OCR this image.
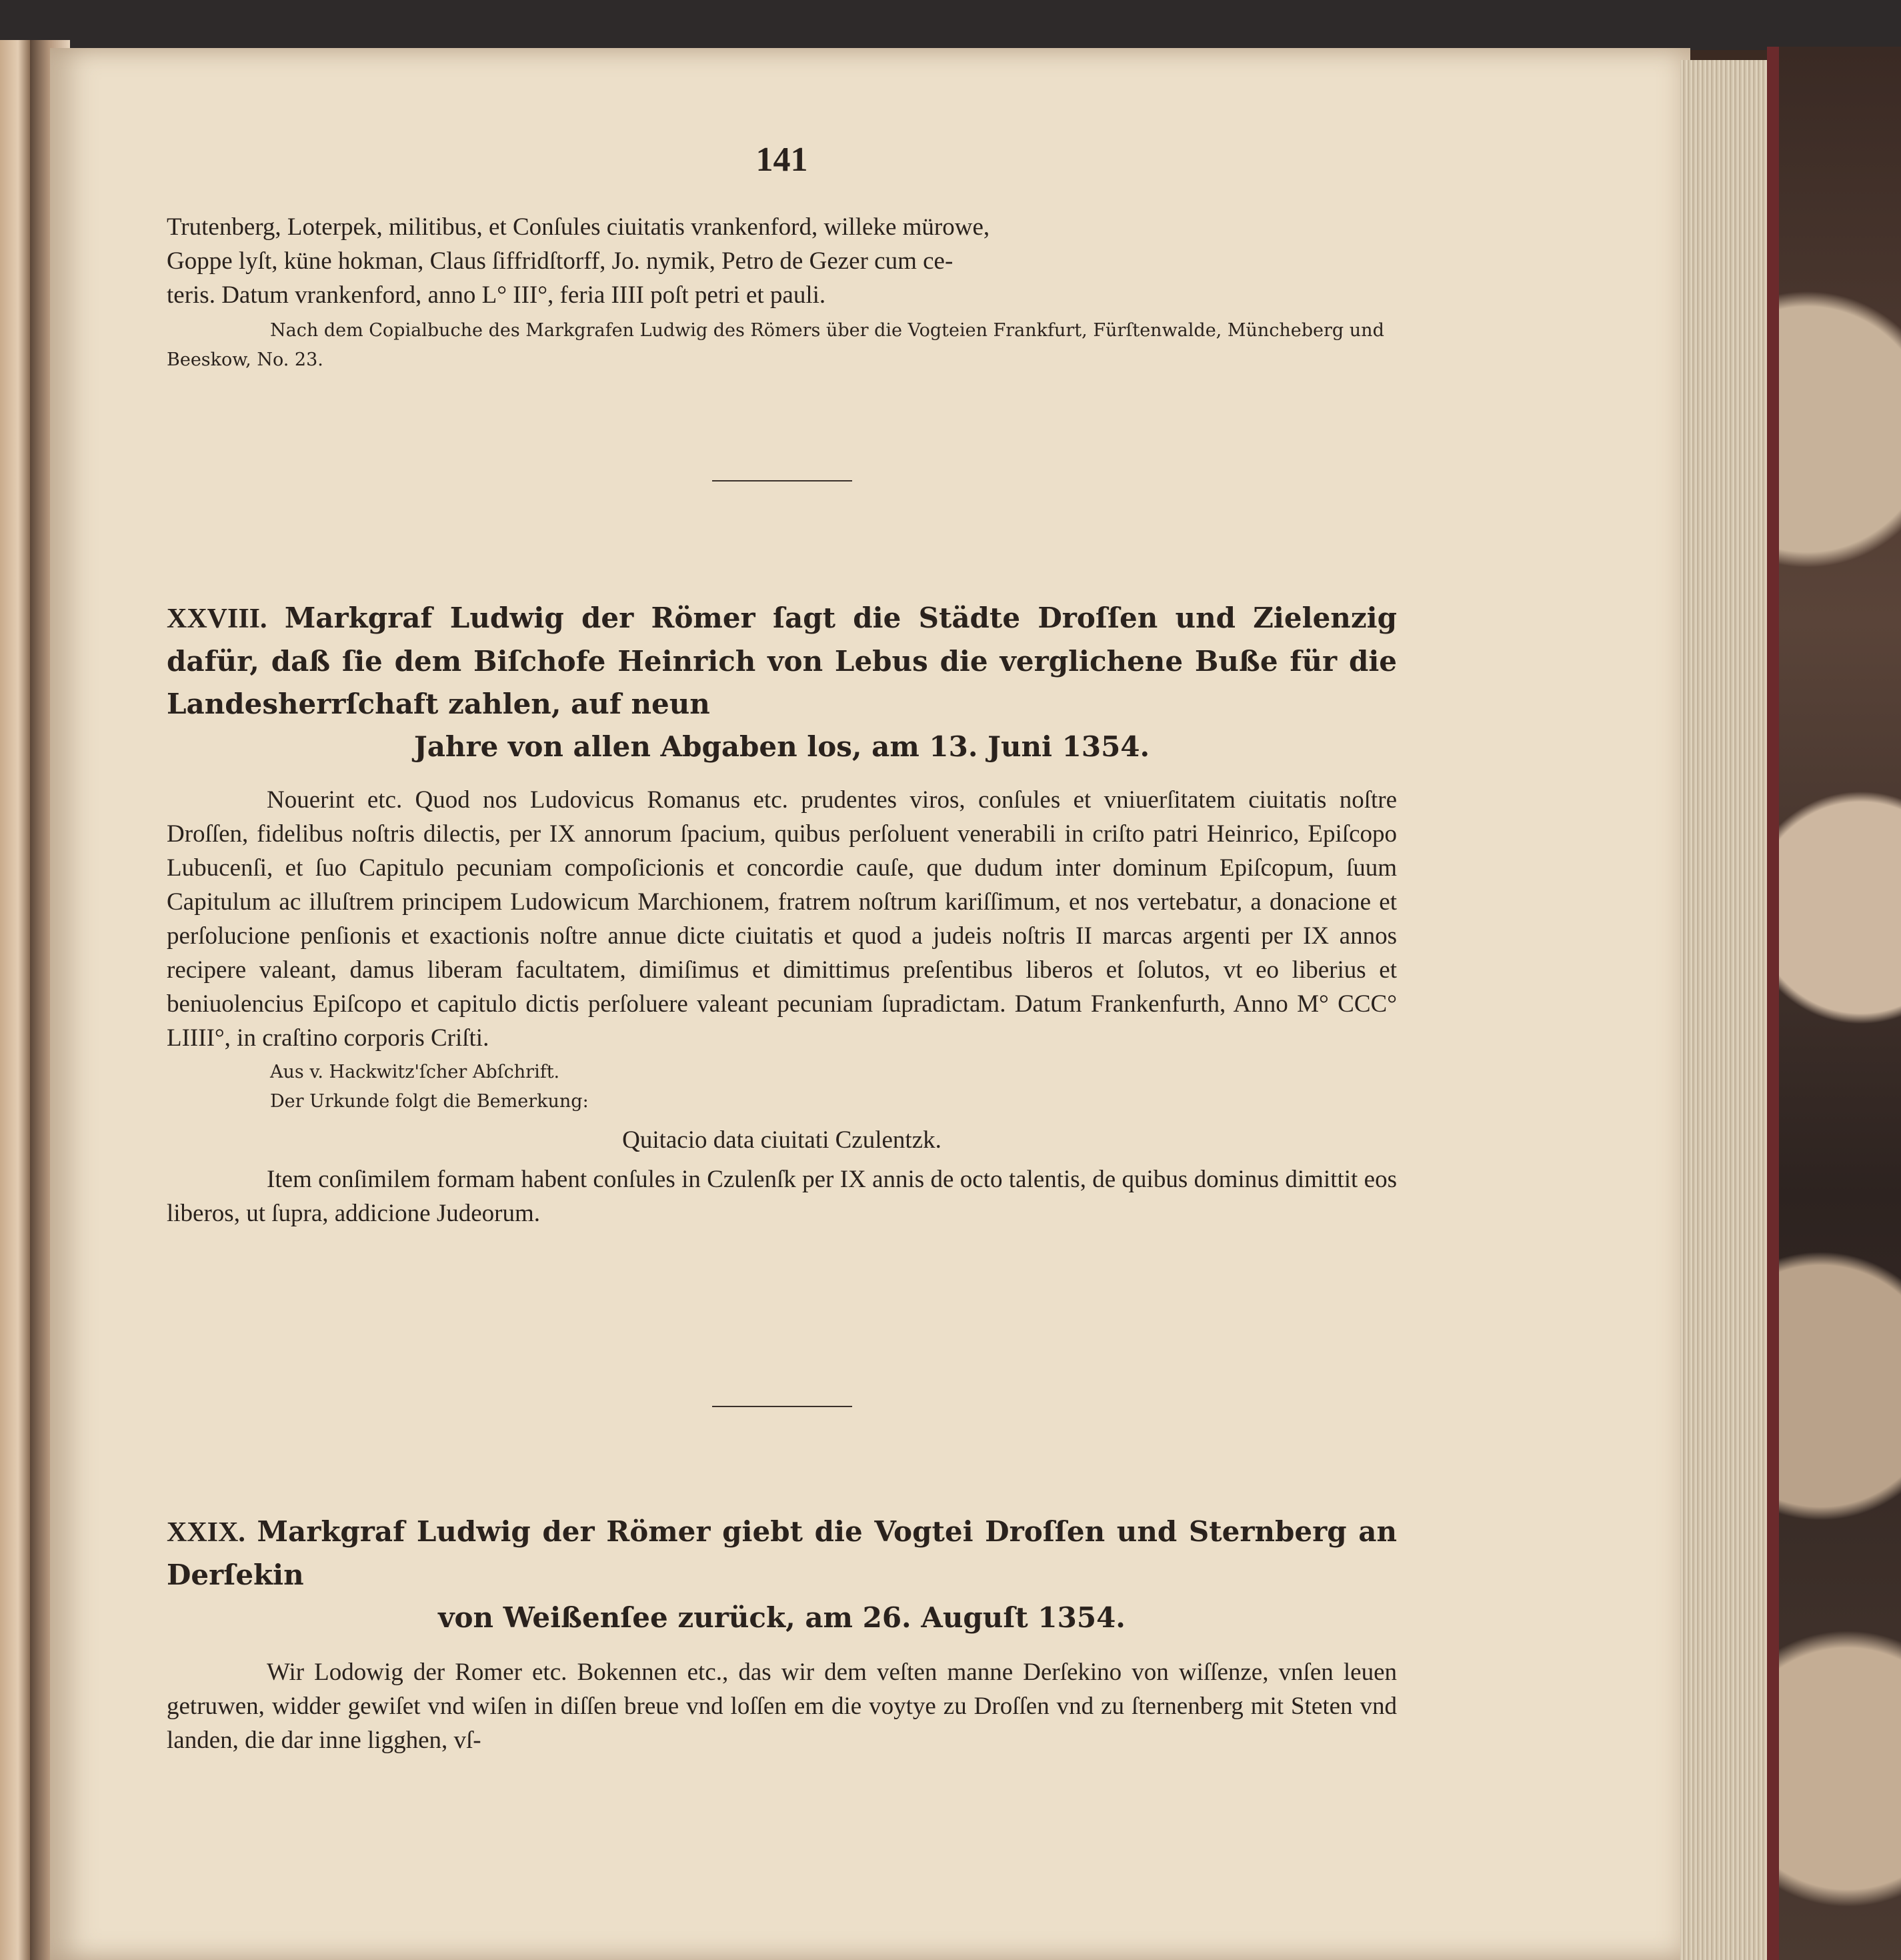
141

Trutenberg, Loterpek, militibus, et Conſules ciuitatis vrankenford, willeke mürowe,

Goppe lyſt, küne hokman, Claus ſiffridſtorff, Jo. nymik, Petro de Gezer cum ce-

teris. Datum vrankenford, anno L° III°, feria IIII poſt petri et pauli.

Nach dem Copialbuche des Markgrafen Ludwig des Römers über die Vogteien Frankfurt, Fürſtenwalde, Müncheberg und Beeskow, No. 23.

XXVIII. Markgraf Ludwig der Römer ſagt die Städte Droſſen und Zielenzig dafür, daß ſie dem Biſchofe Heinrich von Lebus die verglichene Buße für die Landesherrſchaft zahlen, auf neun
Jahre von allen Abgaben los, am 13. Juni 1354.

Nouerint etc. Quod nos Ludovicus Romanus etc. prudentes viros, conſules et vniuerſitatem ciuitatis noſtre Droſſen, fidelibus noſtris dilectis, per IX annorum ſpacium, quibus perſoluent venerabili in criſto patri Heinrico, Epiſcopo Lubucenſi, et ſuo Capitulo pecuniam compoſicionis et concordie cauſe, que dudum inter dominum Epiſcopum, ſuum Capitulum ac illuſtrem principem Ludowicum Marchionem, fratrem noſtrum kariſſimum, et nos vertebatur, a donacione et perſolucione penſionis et exactionis noſtre annue dicte ciuitatis et quod a judeis noſtris II marcas argenti per IX annos recipere valeant, damus liberam facultatem, dimiſimus et dimittimus preſentibus liberos et ſolutos, vt eo liberius et beniuolencius Epiſcopo et capitulo dictis perſoluere valeant pecuniam ſupradictam. Datum Frankenfurth, Anno M° CCC° LIIII°, in craſtino corporis Criſti.

Aus v. Hackwitz'ſcher Abſchrift.

Der Urkunde folgt die Bemerkung:

Quitacio data ciuitati Czulentzk.

Item conſimilem formam habent conſules in Czulenſk per IX annis de octo talentis, de quibus dominus dimittit eos liberos, ut ſupra, addicione Judeorum.

XXIX. Markgraf Ludwig der Römer giebt die Vogtei Droſſen und Sternberg an Derſekin
von Weißenſee zurück, am 26. Auguſt 1354.

Wir Lodowig der Romer etc. Bokennen etc., das wir dem veſten manne Derſekino von wiſſenze, vnſen leuen getruwen, widder gewiſet vnd wiſen in diſſen breue vnd loſſen em die voytye zu Droſſen vnd zu ſternenberg mit Steten vnd landen, die dar inne ligghen, vſ-
